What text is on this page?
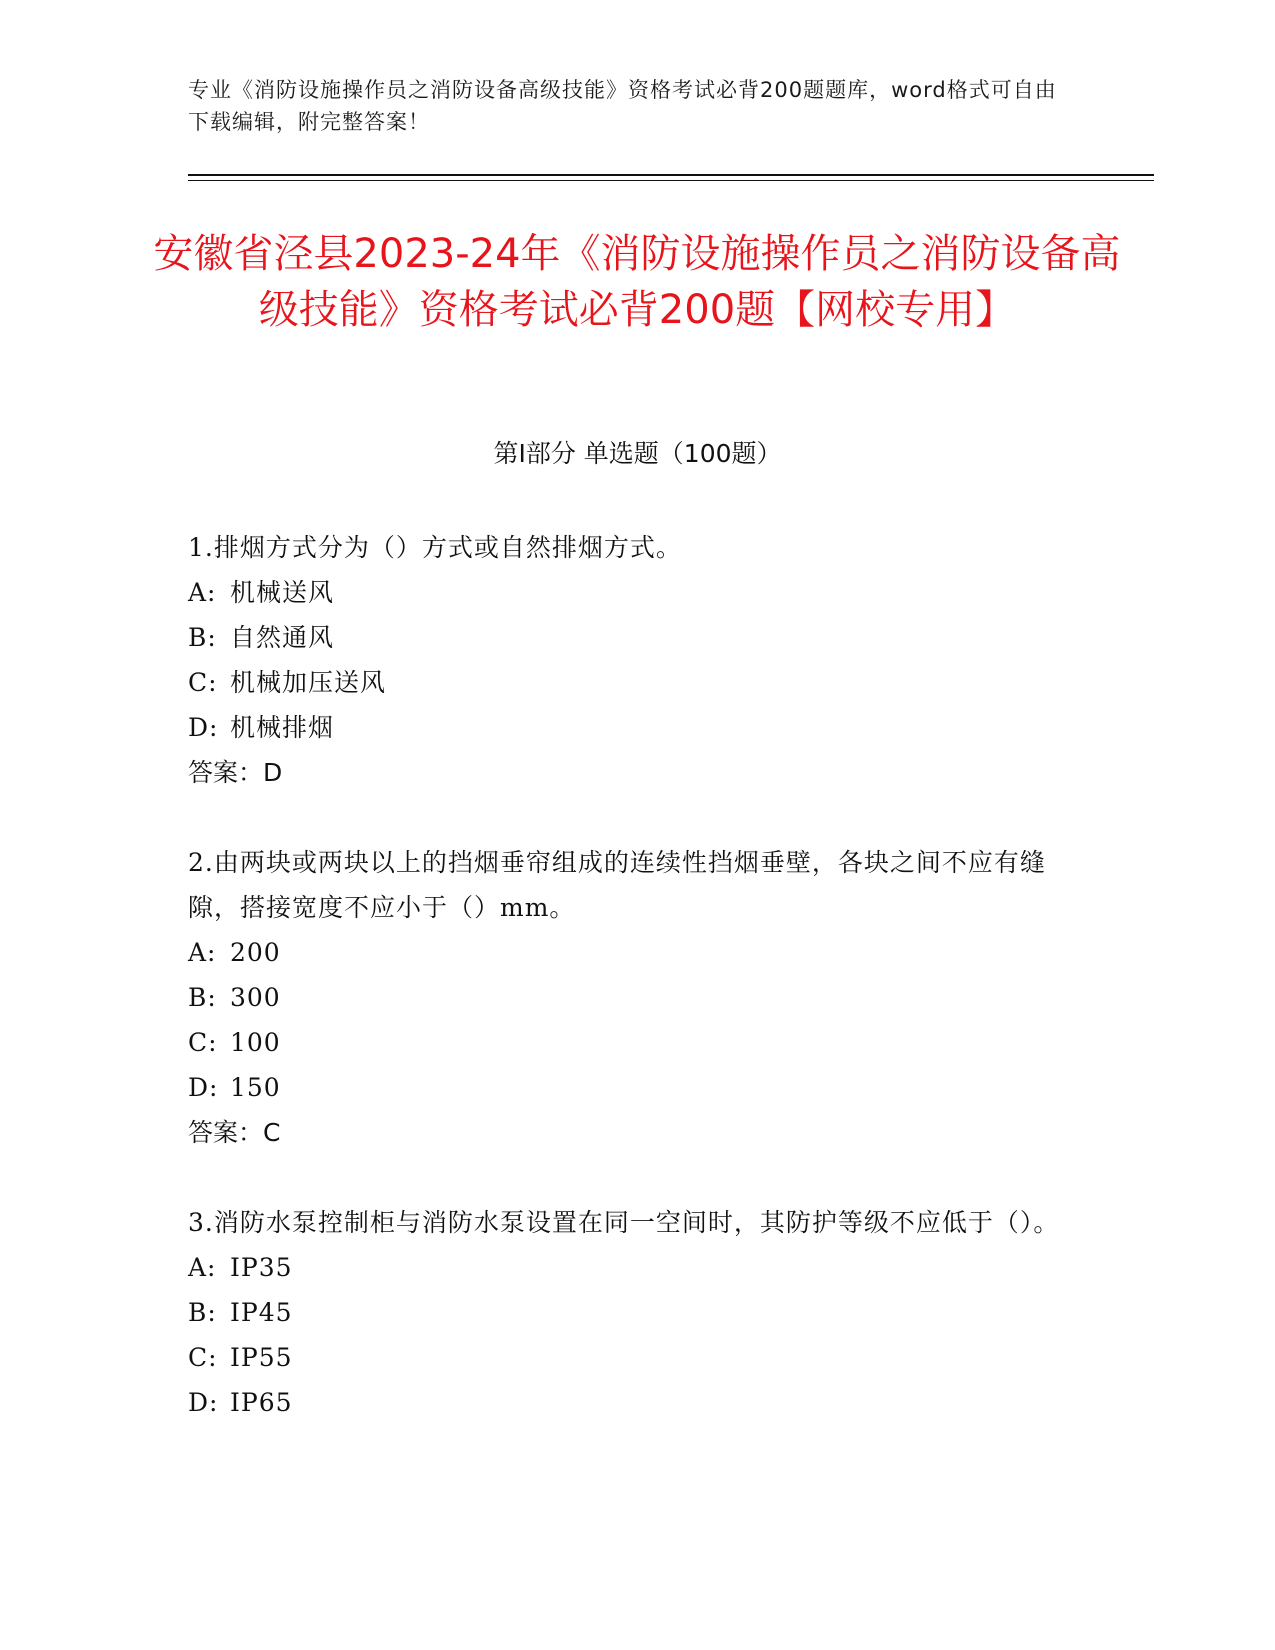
专业《消防设施操作员之消防设备高级技能》资格考试必背200题题库，word格式可自由下载编辑，附完整答案！
安徽省泾县2023-24年《消防设施操作员之消防设备高级技能》资格考试必背200题【网校专用】
第Ⅰ部分 单选题（100题）

1.排烟方式分为（）方式或自然排烟方式。

A: 机械送风

B: 自然通风

C: 机械加压送风

D: 机械排烟

答案：D

2.由两块或两块以上的挡烟垂帘组成的连续性挡烟垂壁，各块之间不应有缝隙，搭接宽度不应小于（）mm。

A: 200

B: 300

C: 100

D: 150

答案：C

3.消防水泵控制柜与消防水泵设置在同一空间时，其防护等级不应低于（）。

A: IP35

B: IP45

C: IP55

D: IP65
